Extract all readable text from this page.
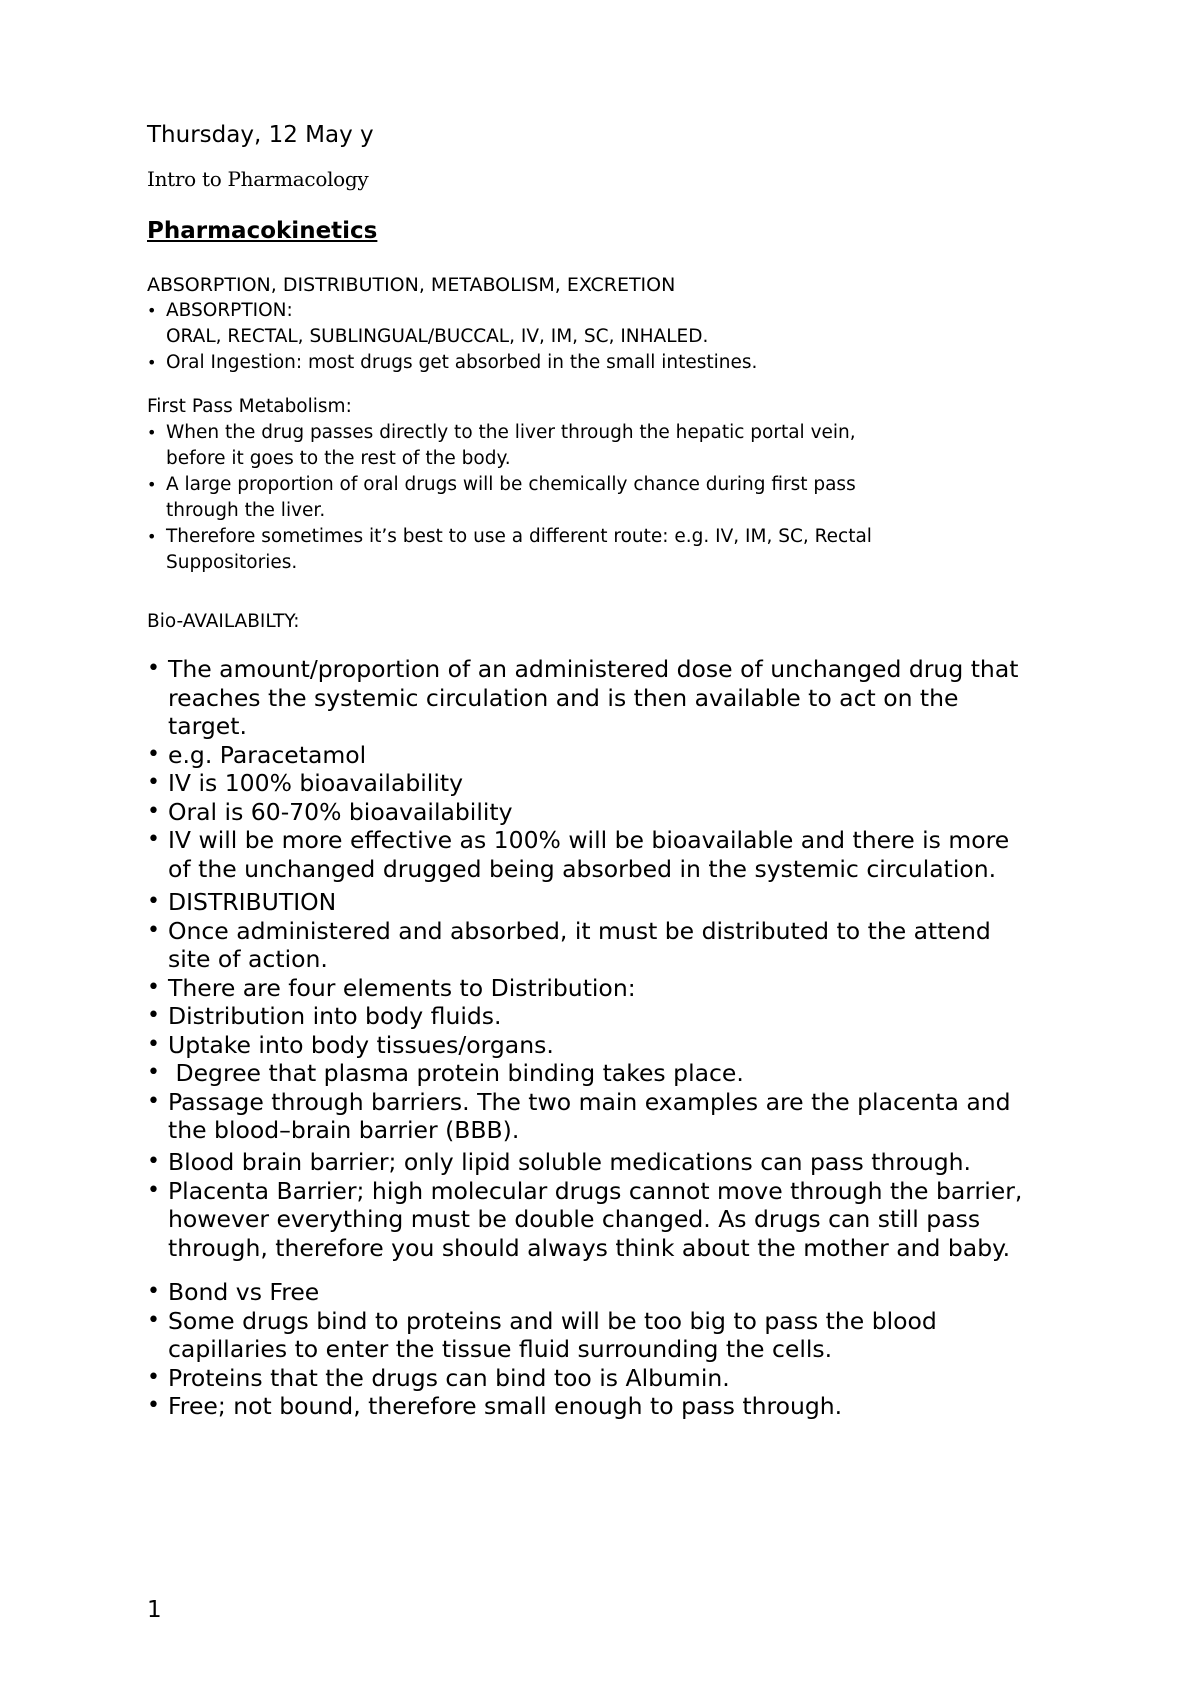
Thursday, 12 May y
Intro to Pharmacology
Pharmacokinetics
ABSORPTION, DISTRIBUTION, METABOLISM, EXCRETION
• ABSORPTION:
ORAL, RECTAL, SUBLINGUAL/BUCCAL, IV, IM, SC, INHALED.
• Oral Ingestion: most drugs get absorbed in the small intestines.
First Pass Metabolism:
• When the drug passes directly to the liver through the hepatic portal vein,
before it goes to the rest of the body.
• A large proportion of oral drugs will be chemically chance during first pass
through the liver.
• Therefore sometimes it’s best to use a different route: e.g. IV, IM, SC, Rectal
Suppositories.
Bio-AVAILABILTY:
• The amount/proportion of an administered dose of unchanged drug that
reaches the systemic circulation and is then available to act on the
target.
• e.g. Paracetamol
• IV is 100% bioavailability
• Oral is 60-70% bioavailability
• IV will be more effective as 100% will be bioavailable and there is more
of the unchanged drugged being absorbed in the systemic circulation.
• DISTRIBUTION
• Once administered and absorbed, it must be distributed to the attend
site of action.
• There are four elements to Distribution:
• Distribution into body fluids.
• Uptake into body tissues/organs.
• Degree that plasma protein binding takes place.
• Passage through barriers. The two main examples are the placenta and
the blood–brain barrier (BBB).
• Blood brain barrier; only lipid soluble medications can pass through.
• Placenta Barrier; high molecular drugs cannot move through the barrier,
however everything must be double changed. As drugs can still pass
through, therefore you should always think about the mother and baby.
• Bond vs Free
• Some drugs bind to proteins and will be too big to pass the blood
capillaries to enter the tissue fluid surrounding the cells.
• Proteins that the drugs can bind too is Albumin.
• Free; not bound, therefore small enough to pass through.
1
